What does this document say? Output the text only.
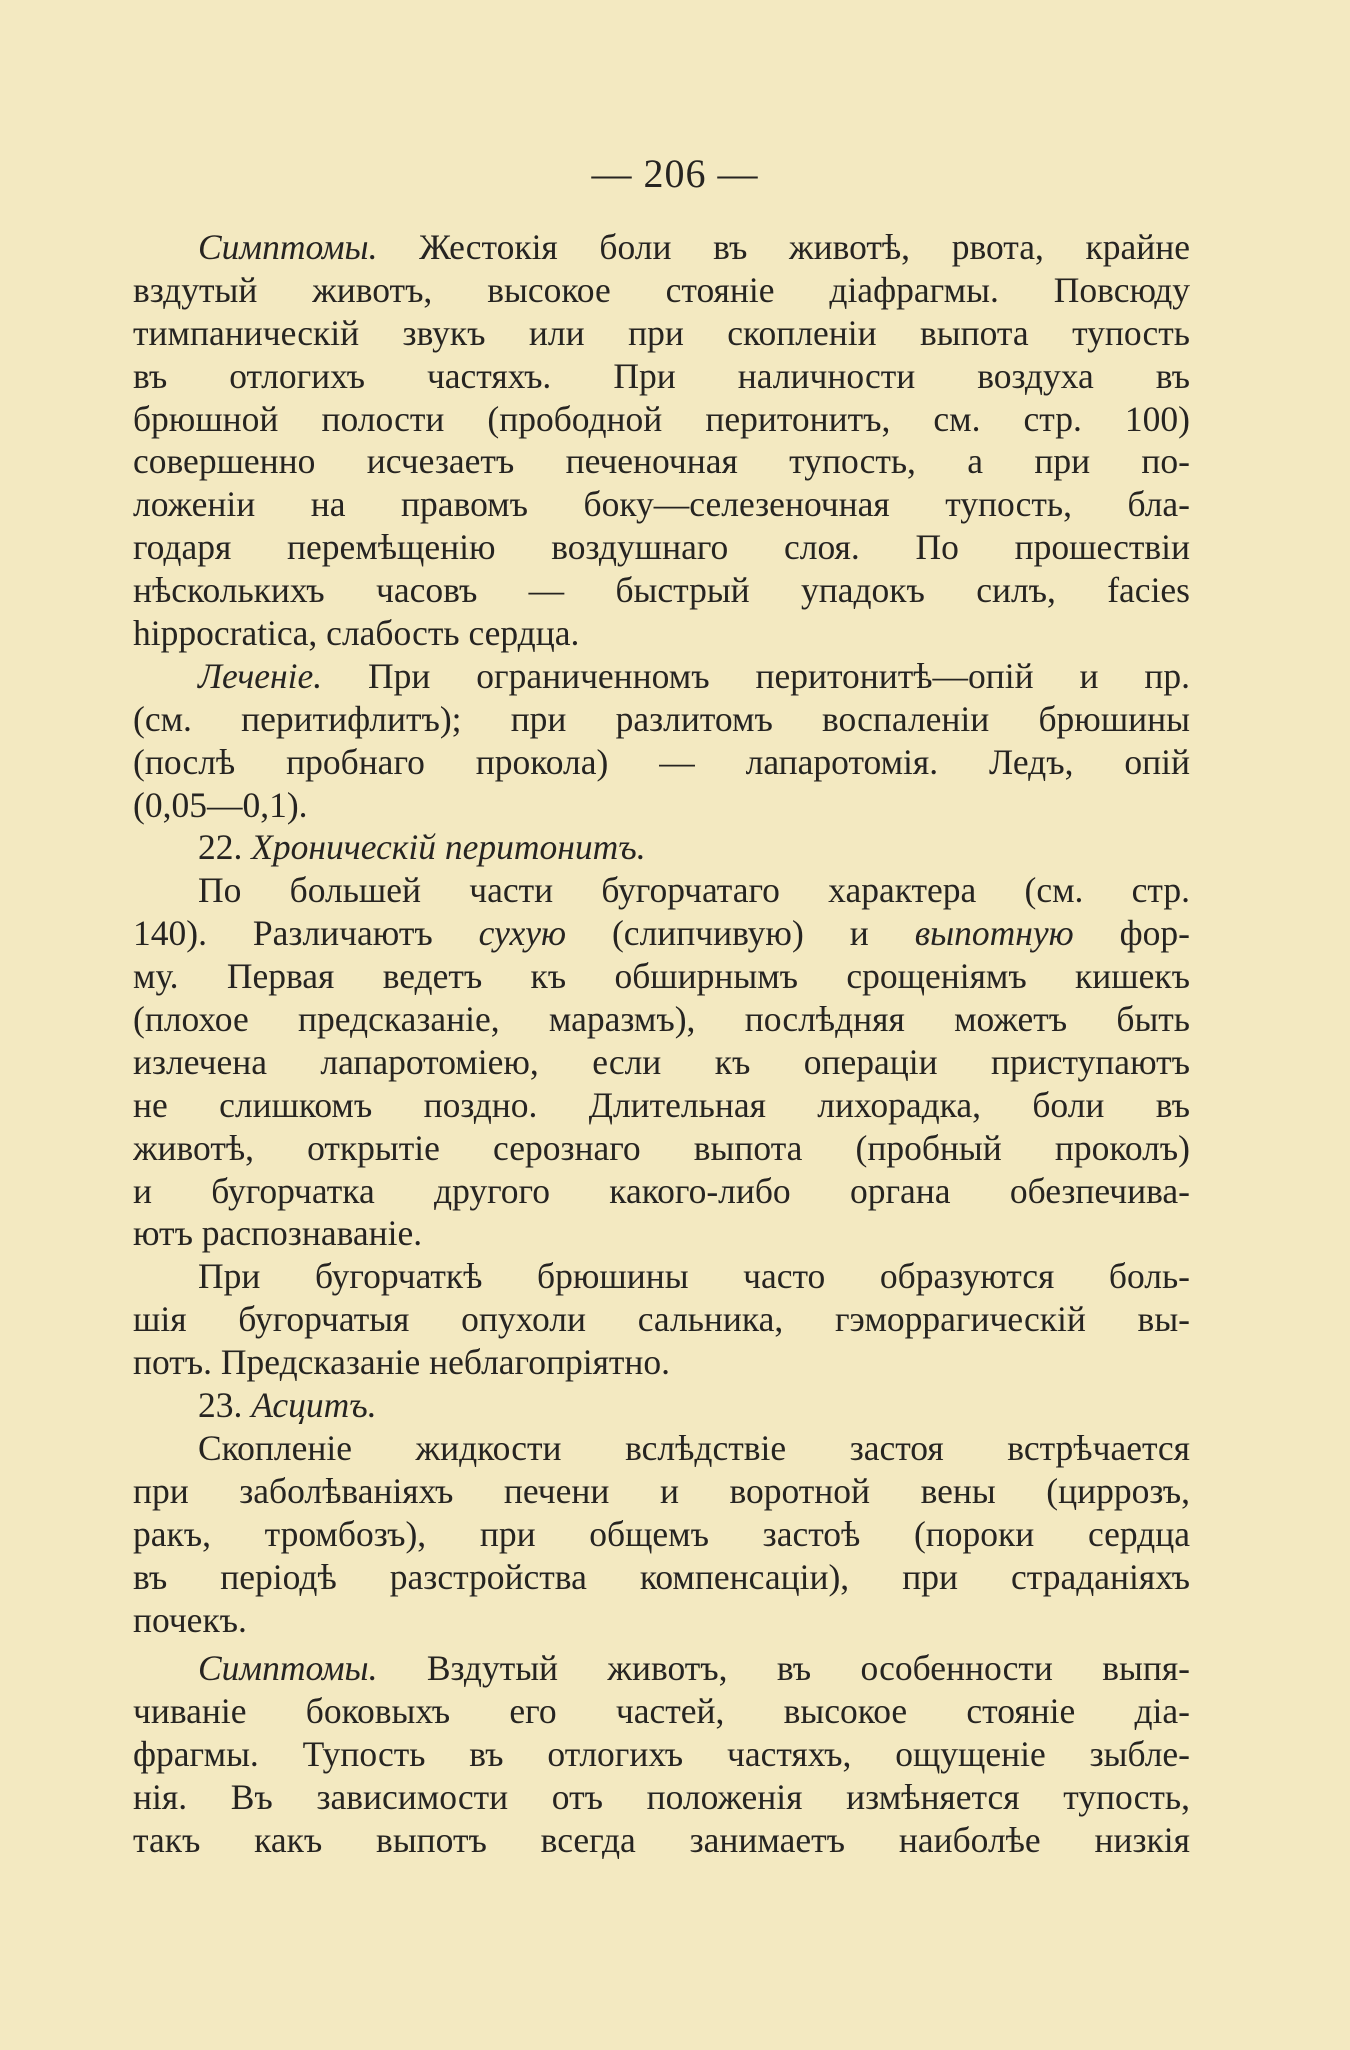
— 206 —
Симптомы. Жестокія боли въ животѣ, рвота, крайне
вздутый животъ, высокое стояніе діафрагмы. Повсюду
тимпаническій звукъ или при скопленіи выпота тупость
въ отлогихъ частяхъ. При наличности воздуха въ
брюшной полости (прободной перитонитъ, см. стр. 100)
совершенно исчезаетъ печеночная тупость, а при по-
ложеніи на правомъ боку—селезеночная тупость, бла-
годаря перемѣщенію воздушнаго слоя. По прошествіи
нѣсколькихъ часовъ — быстрый упадокъ силъ, facies
hippocratica, слабость сердца.
Леченіе. При ограниченномъ перитонитѣ—опій и пр.
(см. перитифлитъ); при разлитомъ воспаленіи брюшины
(послѣ пробнаго прокола) — лапаротомія. Ледъ, опій
(0,05—0,1).
22. Хроническій перитонитъ.
По большей части бугорчатаго характера (см. стр.
140). Различаютъ сухую (слипчивую) и выпотную фор-
му. Первая ведетъ къ обширнымъ срощеніямъ кишекъ
(плохое предсказаніе, маразмъ), послѣдняя можетъ быть
излечена лапаротоміею, если къ операціи приступаютъ
не слишкомъ поздно. Длительная лихорадка, боли въ
животѣ, открытіе серознаго выпота (пробный проколъ)
и бугорчатка другого какого-либо органа обезпечива-
ютъ распознаваніе.
При бугорчаткѣ брюшины часто образуются боль-
шія бугорчатыя опухоли сальника, гэморрагическій вы-
потъ. Предсказаніе неблагопріятно.
23. Асцитъ.
Скопленіе жидкости вслѣдствіе застоя встрѣчается
при заболѣваніяхъ печени и воротной вены (циррозъ,
ракъ, тромбозъ), при общемъ застоѣ (пороки сердца
въ періодѣ разстройства компенсаціи), при страданіяхъ
почекъ.
Симптомы. Вздутый животъ, въ особенности выпя-
чиваніе боковыхъ его частей, высокое стояніе діа-
фрагмы. Тупость въ отлогихъ частяхъ, ощущеніе зыбле-
нія. Въ зависимости отъ положенія измѣняется тупость,
такъ какъ выпотъ всегда занимаетъ наиболѣе низкія
